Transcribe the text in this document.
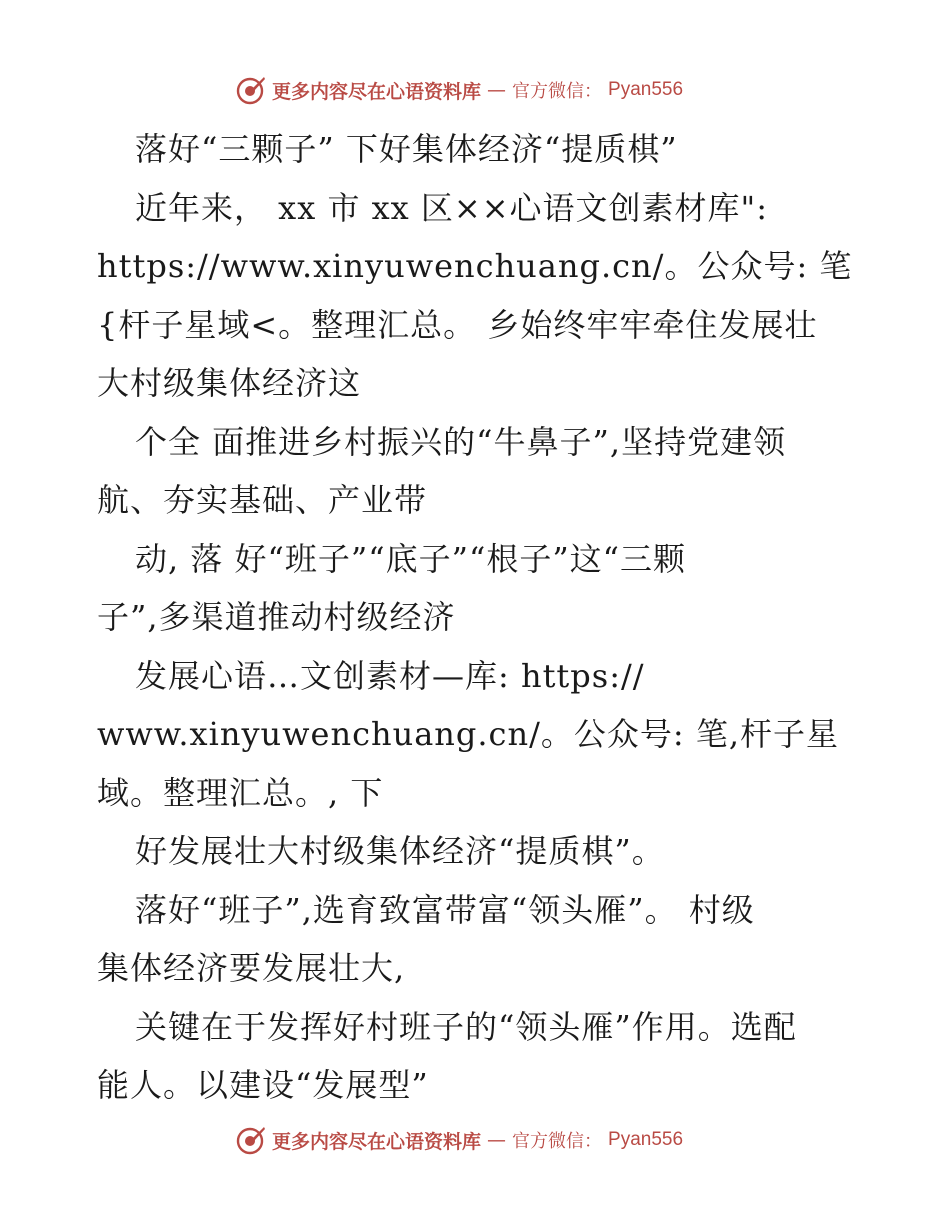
更多内容尽在心语资料库 — 官方微信： Pyan556
落好“三颗子” 下好集体经济“提质棋”
近年来， xx 市 xx 区××心语文创素材库":
https://www.xinyuwenchuang.cn/。公众号: 笔
{杆子星域<。整理汇总。 乡始终牢牢牵住发展壮
大村级集体经济这
个全 面推进乡村振兴的“牛鼻子”,坚持党建领
航、夯实基础、产业带
动, 落 好“班子”“底子”“根子”这“三颗
子”,多渠道推动村级经济
发展心语…文创素材—库: https://
www.xinyuwenchuang.cn/。公众号: 笔,杆子星
域。整理汇总。, 下
好发展壮大村级集体经济“提质棋”。
落好“班子”,选育致富带富“领头雁”。 村级
集体经济要发展壮大,
关键在于发挥好村班子的“领头雁”作用。选配
能人。以建设“发展型”
更多内容尽在心语资料库 — 官方微信： Pyan556
